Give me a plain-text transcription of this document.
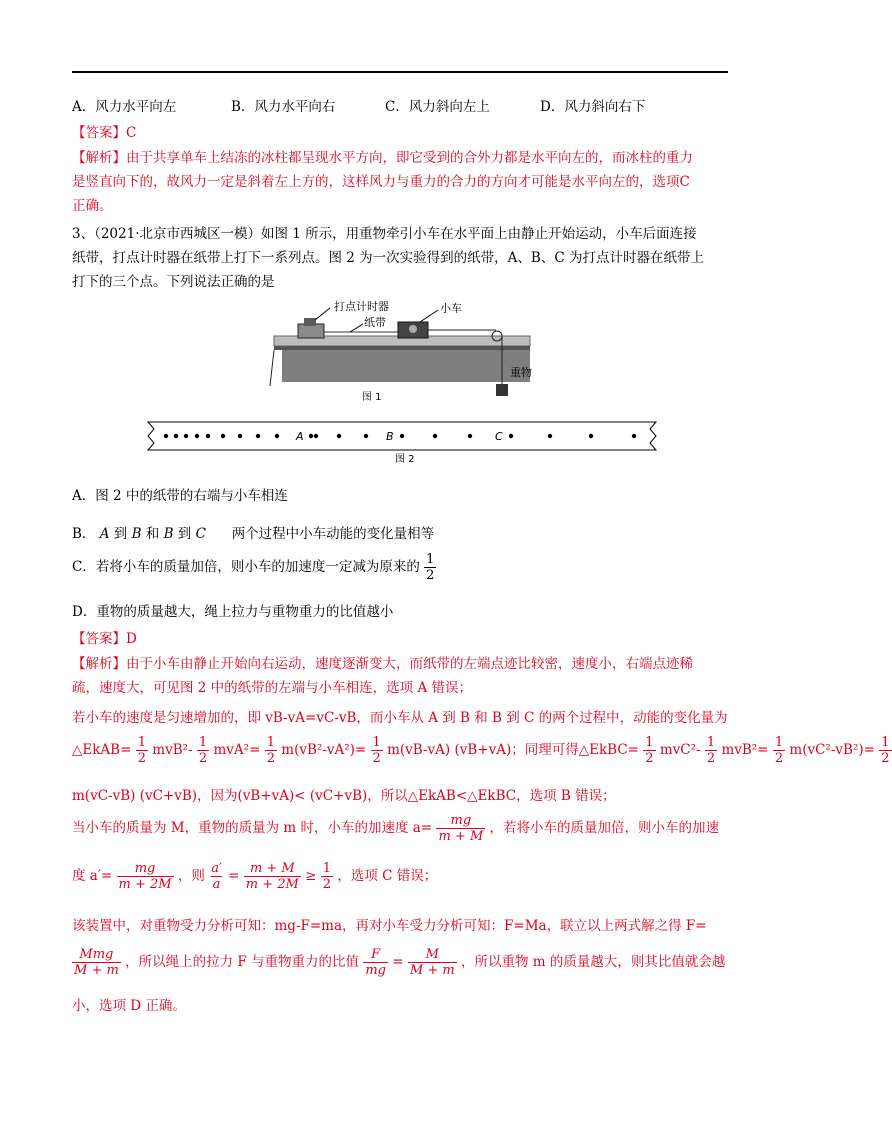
A．风力水平向左	B．风力水平向右	C．风力斜向左上	D．风力斜向右下
【答案】C
【解析】由于共享单车上结冻的冰柱都呈现水平方向，即它受到的合外力都是水平向左的，而冰柱的重力
是竖直向下的，故风力一定是斜着左上方的，这样风力与重力的合力的方向才可能是水平向左的，选项C
正确。
3、（2021·北京市西城区一模）如图 1 所示，用重物牵引小车在水平面上由静止开始运动，小车后面连接
纸带，打点计时器在纸带上打下一系列点。图 2 为一次实验得到的纸带，A、B、C 为打点计时器在纸带上
打下的三个点。下列说法正确的是
打点计时器
纸带
小车
重物
图 1
A	B	C
图 2
A．图 2 中的纸带的右端与小车相连
B． A 到 B 和 B 到 C 两个过程中小车动能的变化量相等
C．若将小车的质量加倍，则小车的加速度一定减为原来的 $\frac{1}{2}$
D．重物的质量越大，绳上拉力与重物重力的比值越小
【答案】D
【解析】由于小车由静止开始向右运动，速度逐渐变大，而纸带的左端点迹比较密，速度小，右端点迹稀
疏，速度大，可见图 2 中的纸带的左端与小车相连，选项 A 错误；
若小车的速度是匀速增加的，即 vB-vA=vC-vB，而小车从 A 到 B 和 B 到 C 的两个过程中，动能的变化量为
△EkAB= $\frac{1}{2} mvB^2- \frac{1}{2} mvA^2= \frac{1}{2} m(vB^2-vA^2)= \frac{1}{2} m(vB-vA)$ (vB+vA)；同理可得△EkBC= $\frac{1}{2} mvC^2- \frac{1}{2} mvB^2= \frac{1}{2} m(vC^2-vB^2)= \frac{1}{2}$
m(vC-vB) (vC+vB)，因为(vB+vA)< (vC+vB)，所以△EkAB<△EkBC，选项 B 错误；
当小车的质量为 M，重物的质量为 m 时，小车的加速度 $a= \frac{mg}{m + M}$ ，若将小车的质量加倍，则小车的加速
度 $a'= \frac{mg}{m + 2M}$ ，则 $\frac{a'}{a} = \frac{m + M}{m + 2M} \ge \frac{1}{2}$ ，选项 C 错误；
该装置中，对重物受力分析可知：mg-F=ma，再对小车受力分析可知：F=Ma，联立以上两式解之得 F=
$\frac{\text{Mmg}}{M + m}$ ，所以绳上的拉力 F 与重物重力的比值 $\frac{F}{mg} = \frac{M}{M + m}$ ，所以重物 m 的质量越大，则其比值就会越
小，选项 D 正确。
